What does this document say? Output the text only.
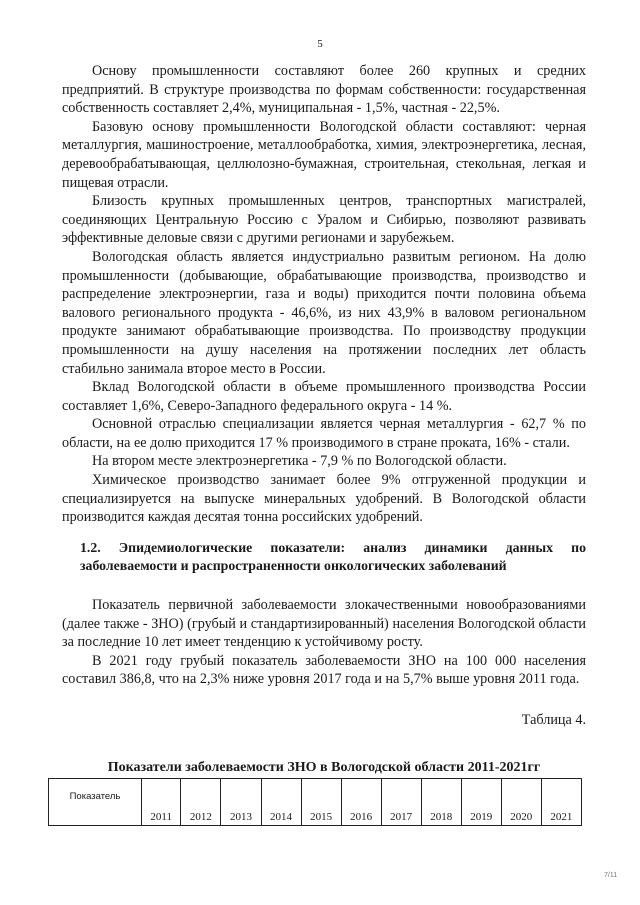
5

Основу промышленности составляют более 260 крупных и средних предприятий. В структуре производства по формам собственности: государственная собственность составляет 2,4%, муниципальная - 1,5%, частная - 22,5%.

Базовую основу промышленности Вологодской области составляют: черная металлургия, машиностроение, металлообработка, химия, электроэнергетика, лесная, деревообрабатывающая, целлюлозно-бумажная, строительная, стекольная, легкая и пищевая отрасли.

Близость крупных промышленных центров, транспортных магистралей, соединяющих Центральную Россию с Уралом и Сибирью, позволяют развивать эффективные деловые связи с другими регионами и зарубежьем.

Вологодская область является индустриально развитым регионом. На долю промышленности (добывающие, обрабатывающие производства, производство и распределение электроэнергии, газа и воды) приходится почти половина объема валового регионального продукта - 46,6%, из них 43,9% в валовом региональном продукте занимают обрабатывающие производства. По производству продукции промышленности на душу населения на протяжении последних лет область стабильно занимала второе место в России.

Вклад Вологодской области в объеме промышленного производства России составляет 1,6%, Северо-Западного федерального округа - 14 %.

Основной отраслью специализации является черная металлургия - 62,7 % по области, на ее долю приходится 17 % производимого в стране проката, 16% - стали.

На втором месте электроэнергетика - 7,9 % по Вологодской области.

Химическое производство занимает более 9% отгруженной продукции и специализируется на выпуске минеральных удобрений. В Вологодской области производится каждая десятая тонна российских удобрений.

1.2. Эпидемиологические показатели: анализ динамики данных по заболеваемости и распространенности онкологических заболеваний

Показатель первичной заболеваемости злокачественными новообразованиями (далее также - ЗНО) (грубый и стандартизированный) населения Вологодской области за последние 10 лет имеет тенденцию к устойчивому росту.

В 2021 году грубый показатель заболеваемости ЗНО на 100 000 населения составил 386,8, что на 2,3% ниже уровня 2017 года и на 5,7% выше уровня 2011 года.

Таблица 4.
Показатели заболеваемости ЗНО в Вологодской области 2011-2021гг
Показатель	2011	2012	2013	2014	2015	2016	2017	2018	2019	2020	2021
7/11
